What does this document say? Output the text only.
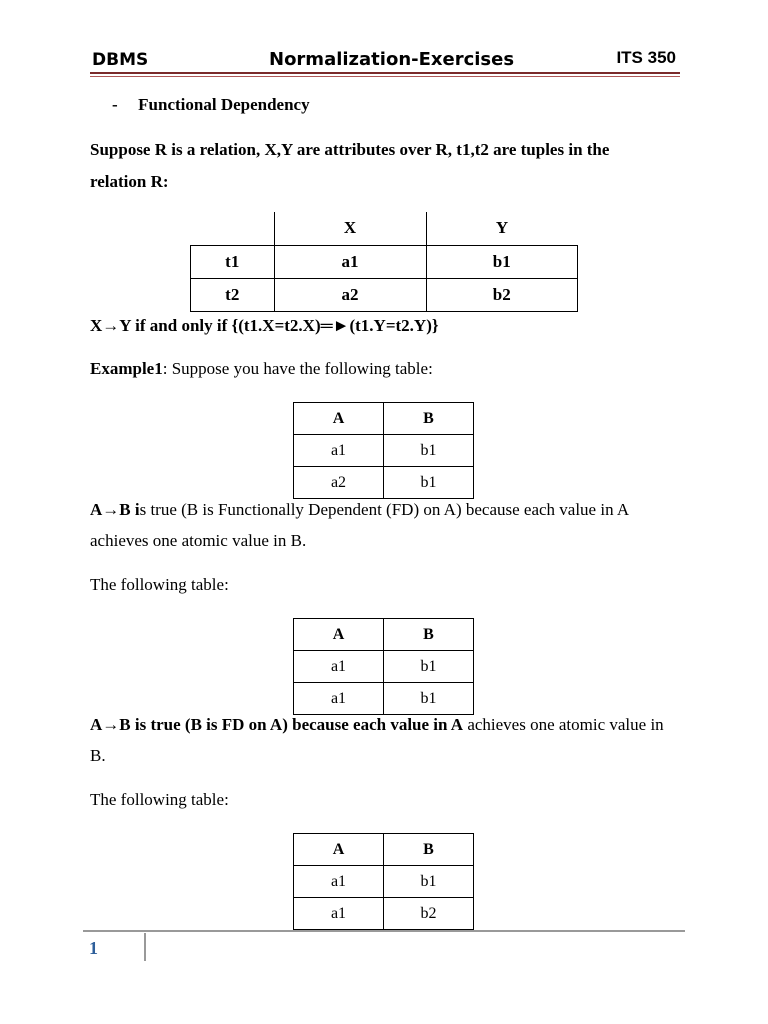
DBMS	Normalization-Exercises	ITS 350
- Functional Dependency
Suppose R is a relation, X,Y are attributes over R, t1,t2 are tuples in the
relation R:
	X	Y
t1	a1	b1
t2	a2	b2
X→Y if and only if {(t1.X=t2.X)═►(t1.Y=t2.Y)}
Example1: Suppose you have the following table:
A	B
a1	b1
a2	b1
A→B is true (B is Functionally Dependent (FD) on A) because each value in A
achieves one atomic value in B.
The following table:
A	B
a1	b1
a1	b1
A→B is true (B is FD on A) because each value in A achieves one atomic value in
B.
The following table:
A	B
a1	b1
a1	b2
1
